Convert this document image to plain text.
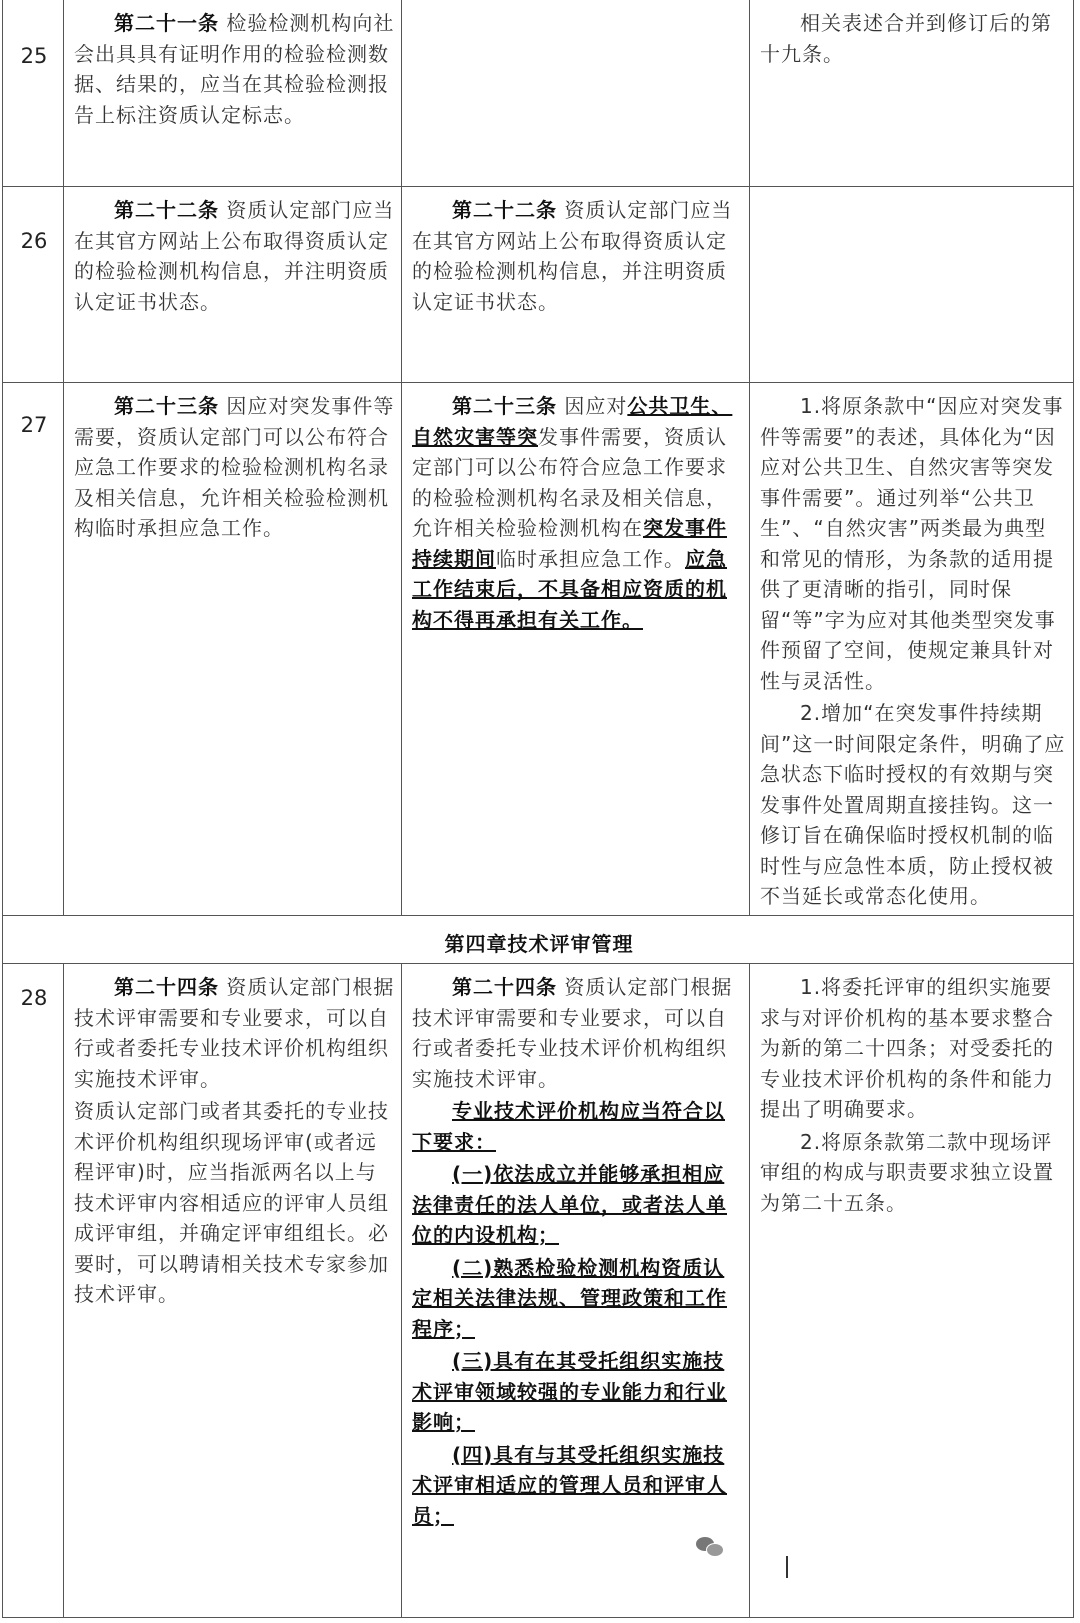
25

第二十一条 检验检测机构向社会出具具有证明作用的检验检测数据、结果的，应当在其检验检测报告上标注资质认定标志。

相关表述合并到修订后的第十九条。

26

第二十二条 资质认定部门应当在其官方网站上公布取得资质认定的检验检测机构信息，并注明资质认定证书状态。

第二十二条 资质认定部门应当在其官方网站上公布取得资质认定的检验检测机构信息，并注明资质认定证书状态。

27

第二十三条 因应对突发事件等需要，资质认定部门可以公布符合应急工作要求的检验检测机构名录及相关信息，允许相关检验检测机构临时承担应急工作。

第二十三条 因应对公共卫生、自然灾害等突发事件需要，资质认定部门可以公布符合应急工作要求的检验检测机构名录及相关信息，允许相关检验检测机构在突发事件持续期间临时承担应急工作。应急工作结束后，不具备相应资质的机构不得再承担有关工作。

1.将原条款中“因应对突发事件等需要”的表述，具体化为“因应对公共卫生、自然灾害等突发事件需要”。通过列举“公共卫生”、“自然灾害”两类最为典型和常见的情形，为条款的适用提供了更清晰的指引，同时保留“等”字为应对其他类型突发事件预留了空间，使规定兼具针对性与灵活性。

2.增加“在突发事件持续期间”这一时间限定条件，明确了应急状态下临时授权的有效期与突发事件处置周期直接挂钩。这一修订旨在确保临时授权机制的临时性与应急性本质，防止授权被不当延长或常态化使用。

第四章技术评审管理
28	第二十四条 资质认定部门根据技术评审需要和专业要求，可以自行或者委托专业技术评价机构组织实施技术评审。

资质认定部门或者其委托的专业技术评价机构组织现场评审(或者远程评审)时，应当指派两名以上与技术评审内容相适应的评审人员组成评审组，并确定评审组组长。必要时，可以聘请相关技术专家参加技术评审。

第二十四条 资质认定部门根据技术评审需要和专业要求，可以自行或者委托专业技术评价机构组织实施技术评审。

专业技术评价机构应当符合以下要求：

(一)依法成立并能够承担相应法律责任的法人单位，或者法人单位的内设机构；

(二)熟悉检验检测机构资质认定相关法律法规、管理政策和工作程序；

(三)具有在其受托组织实施技术评审领域较强的专业能力和行业影响；

(四)具有与其受托组织实施技术评审相适应的管理人员和评审人员；

1.将委托评审的组织实施要求与对评价机构的基本要求整合为新的第二十四条；对受委托的专业技术评价机构的条件和能力提出了明确要求。

2.将原条款第二款中现场评审组的构成与职责要求独立设置为第二十五条。
